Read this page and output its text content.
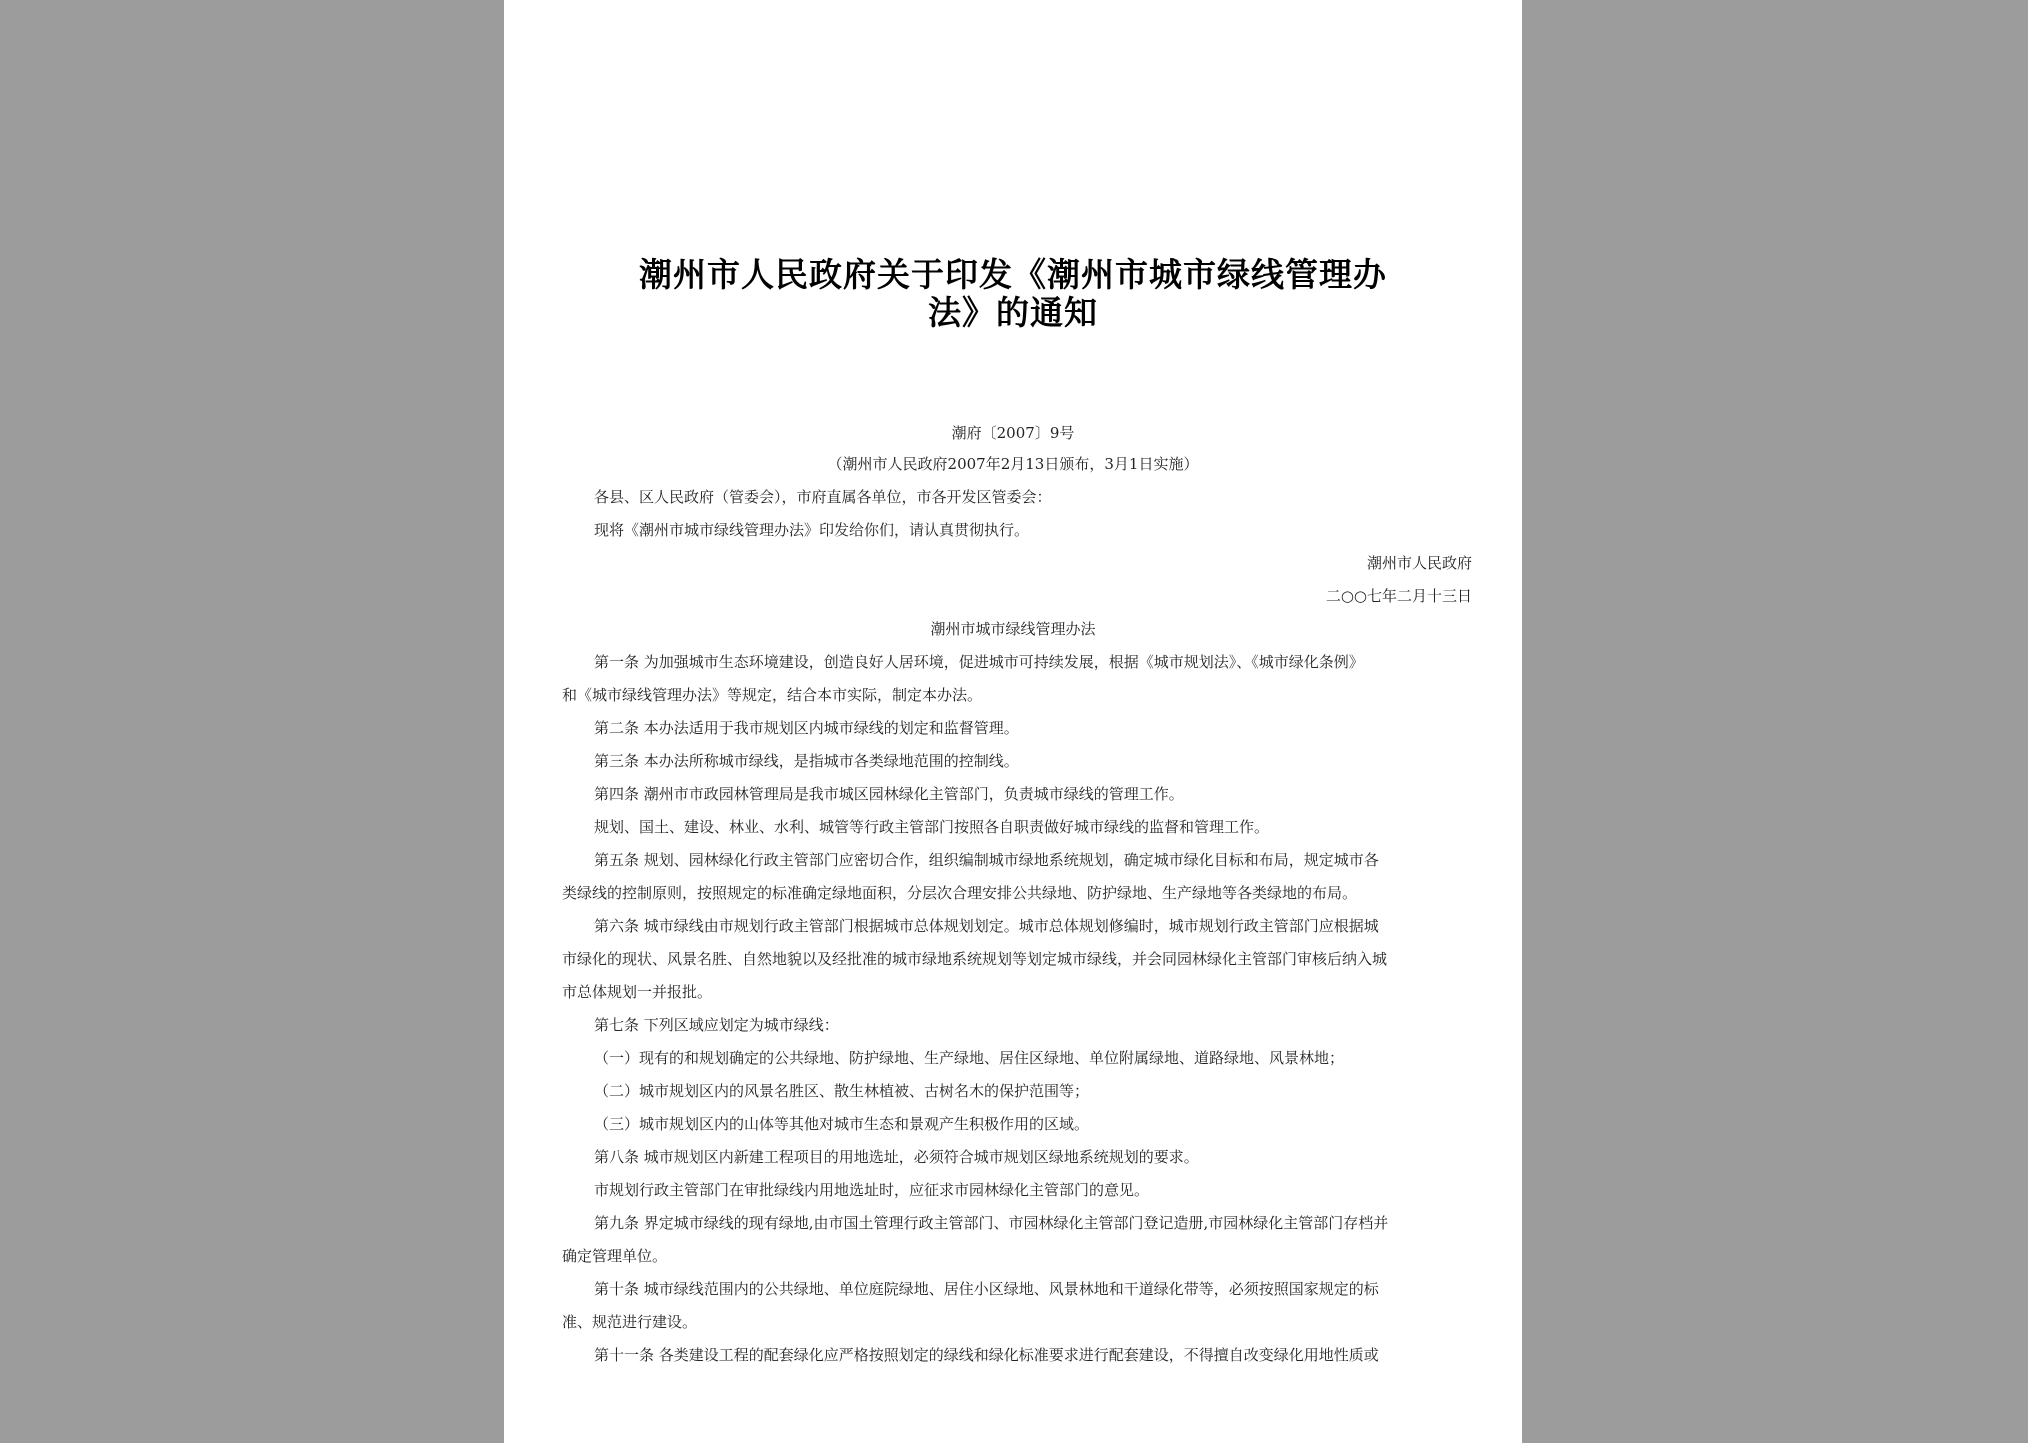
潮州市人民政府关于印发《潮州市城市绿线管理办
法》的通知

潮府〔2007〕9号

（潮州市人民政府2007年2月13日颁布，3月1日实施）

各县、区人民政府（管委会），市府直属各单位，市各开发区管委会：

现将《潮州市城市绿线管理办法》印发给你们，请认真贯彻执行。

潮州市人民政府

二○○七年二月十三日

潮州市城市绿线管理办法

第一条 为加强城市生态环境建设，创造良好人居环境，促进城市可持续发展，根据《城市规划法》、《城市绿化条例》

和《城市绿线管理办法》等规定，结合本市实际，制定本办法。

第二条 本办法适用于我市规划区内城市绿线的划定和监督管理。

第三条 本办法所称城市绿线，是指城市各类绿地范围的控制线。

第四条 潮州市市政园林管理局是我市城区园林绿化主管部门，负责城市绿线的管理工作。

规划、国土、建设、林业、水利、城管等行政主管部门按照各自职责做好城市绿线的监督和管理工作。

第五条 规划、园林绿化行政主管部门应密切合作，组织编制城市绿地系统规划，确定城市绿化目标和布局，规定城市各

类绿线的控制原则，按照规定的标准确定绿地面积，分层次合理安排公共绿地、防护绿地、生产绿地等各类绿地的布局。

第六条 城市绿线由市规划行政主管部门根据城市总体规划划定。城市总体规划修编时，城市规划行政主管部门应根据城

市绿化的现状、风景名胜、自然地貌以及经批准的城市绿地系统规划等划定城市绿线，并会同园林绿化主管部门审核后纳入城

市总体规划一并报批。

第七条 下列区域应划定为城市绿线：

（一）现有的和规划确定的公共绿地、防护绿地、生产绿地、居住区绿地、单位附属绿地、道路绿地、风景林地；

（二）城市规划区内的风景名胜区、散生林植被、古树名木的保护范围等；

（三）城市规划区内的山体等其他对城市生态和景观产生积极作用的区域。

第八条 城市规划区内新建工程项目的用地选址，必须符合城市规划区绿地系统规划的要求。

市规划行政主管部门在审批绿线内用地选址时，应征求市园林绿化主管部门的意见。

第九条 界定城市绿线的现有绿地,由市国土管理行政主管部门、市园林绿化主管部门登记造册,市园林绿化主管部门存档并

确定管理单位。

第十条 城市绿线范围内的公共绿地、单位庭院绿地、居住小区绿地、风景林地和干道绿化带等，必须按照国家规定的标

准、规范进行建设。

第十一条 各类建设工程的配套绿化应严格按照划定的绿线和绿化标准要求进行配套建设，不得擅自改变绿化用地性质或
